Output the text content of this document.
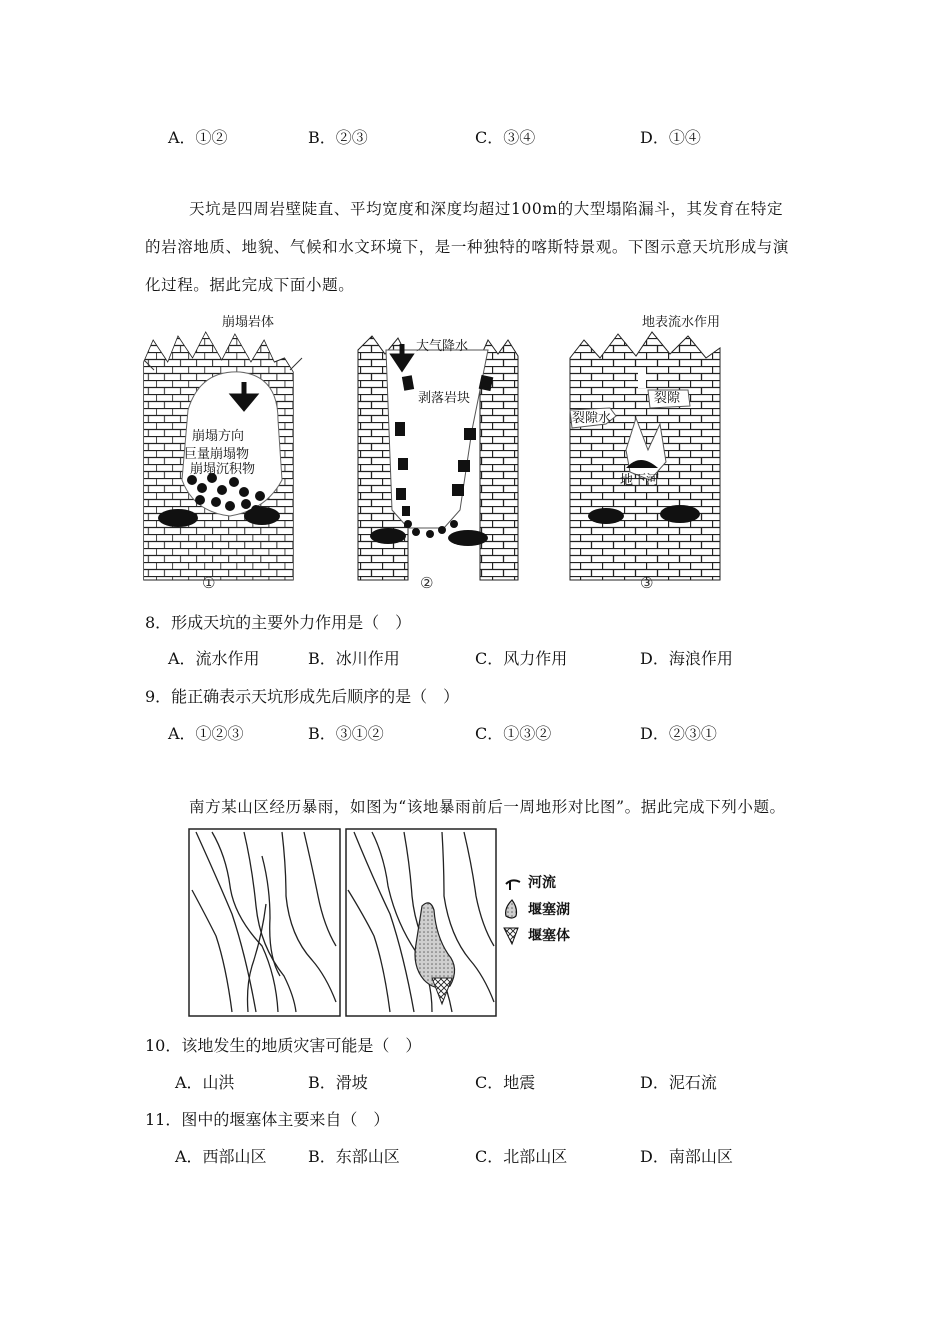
A．①②	B．②③	C．③④	D．①④
天坑是四周岩壁陡直、平均宽度和深度均超过100m的大型塌陷漏斗，其发育在特定
的岩溶地质、地貌、气候和水文环境下，是一种独特的喀斯特景观。下图示意天坑形成与演
化过程。据此完成下面小题。
崩塌岩体
崩塌方向
巨量崩塌物
崩塌沉积物
①
大气降水
剥落岩块
②
地表流水作用
裂隙
裂隙水
地下河
③
8．形成天坑的主要外力作用是（　）
A．流水作用	B．冰川作用	C．风力作用	D．海浪作用
9．能正确表示天坑形成先后顺序的是（　）
A．①②③	B．③①②	C．①③②	D．②③①
南方某山区经历暴雨，如图为“该地暴雨前后一周地形对比图”。据此完成下列小题。
河流
堰塞湖
堰塞体
10．该地发生的地质灾害可能是（　）
A．山洪	B．滑坡	C．地震	D．泥石流
11．图中的堰塞体主要来自（　）
A．西部山区	B．东部山区	C．北部山区	D．南部山区
